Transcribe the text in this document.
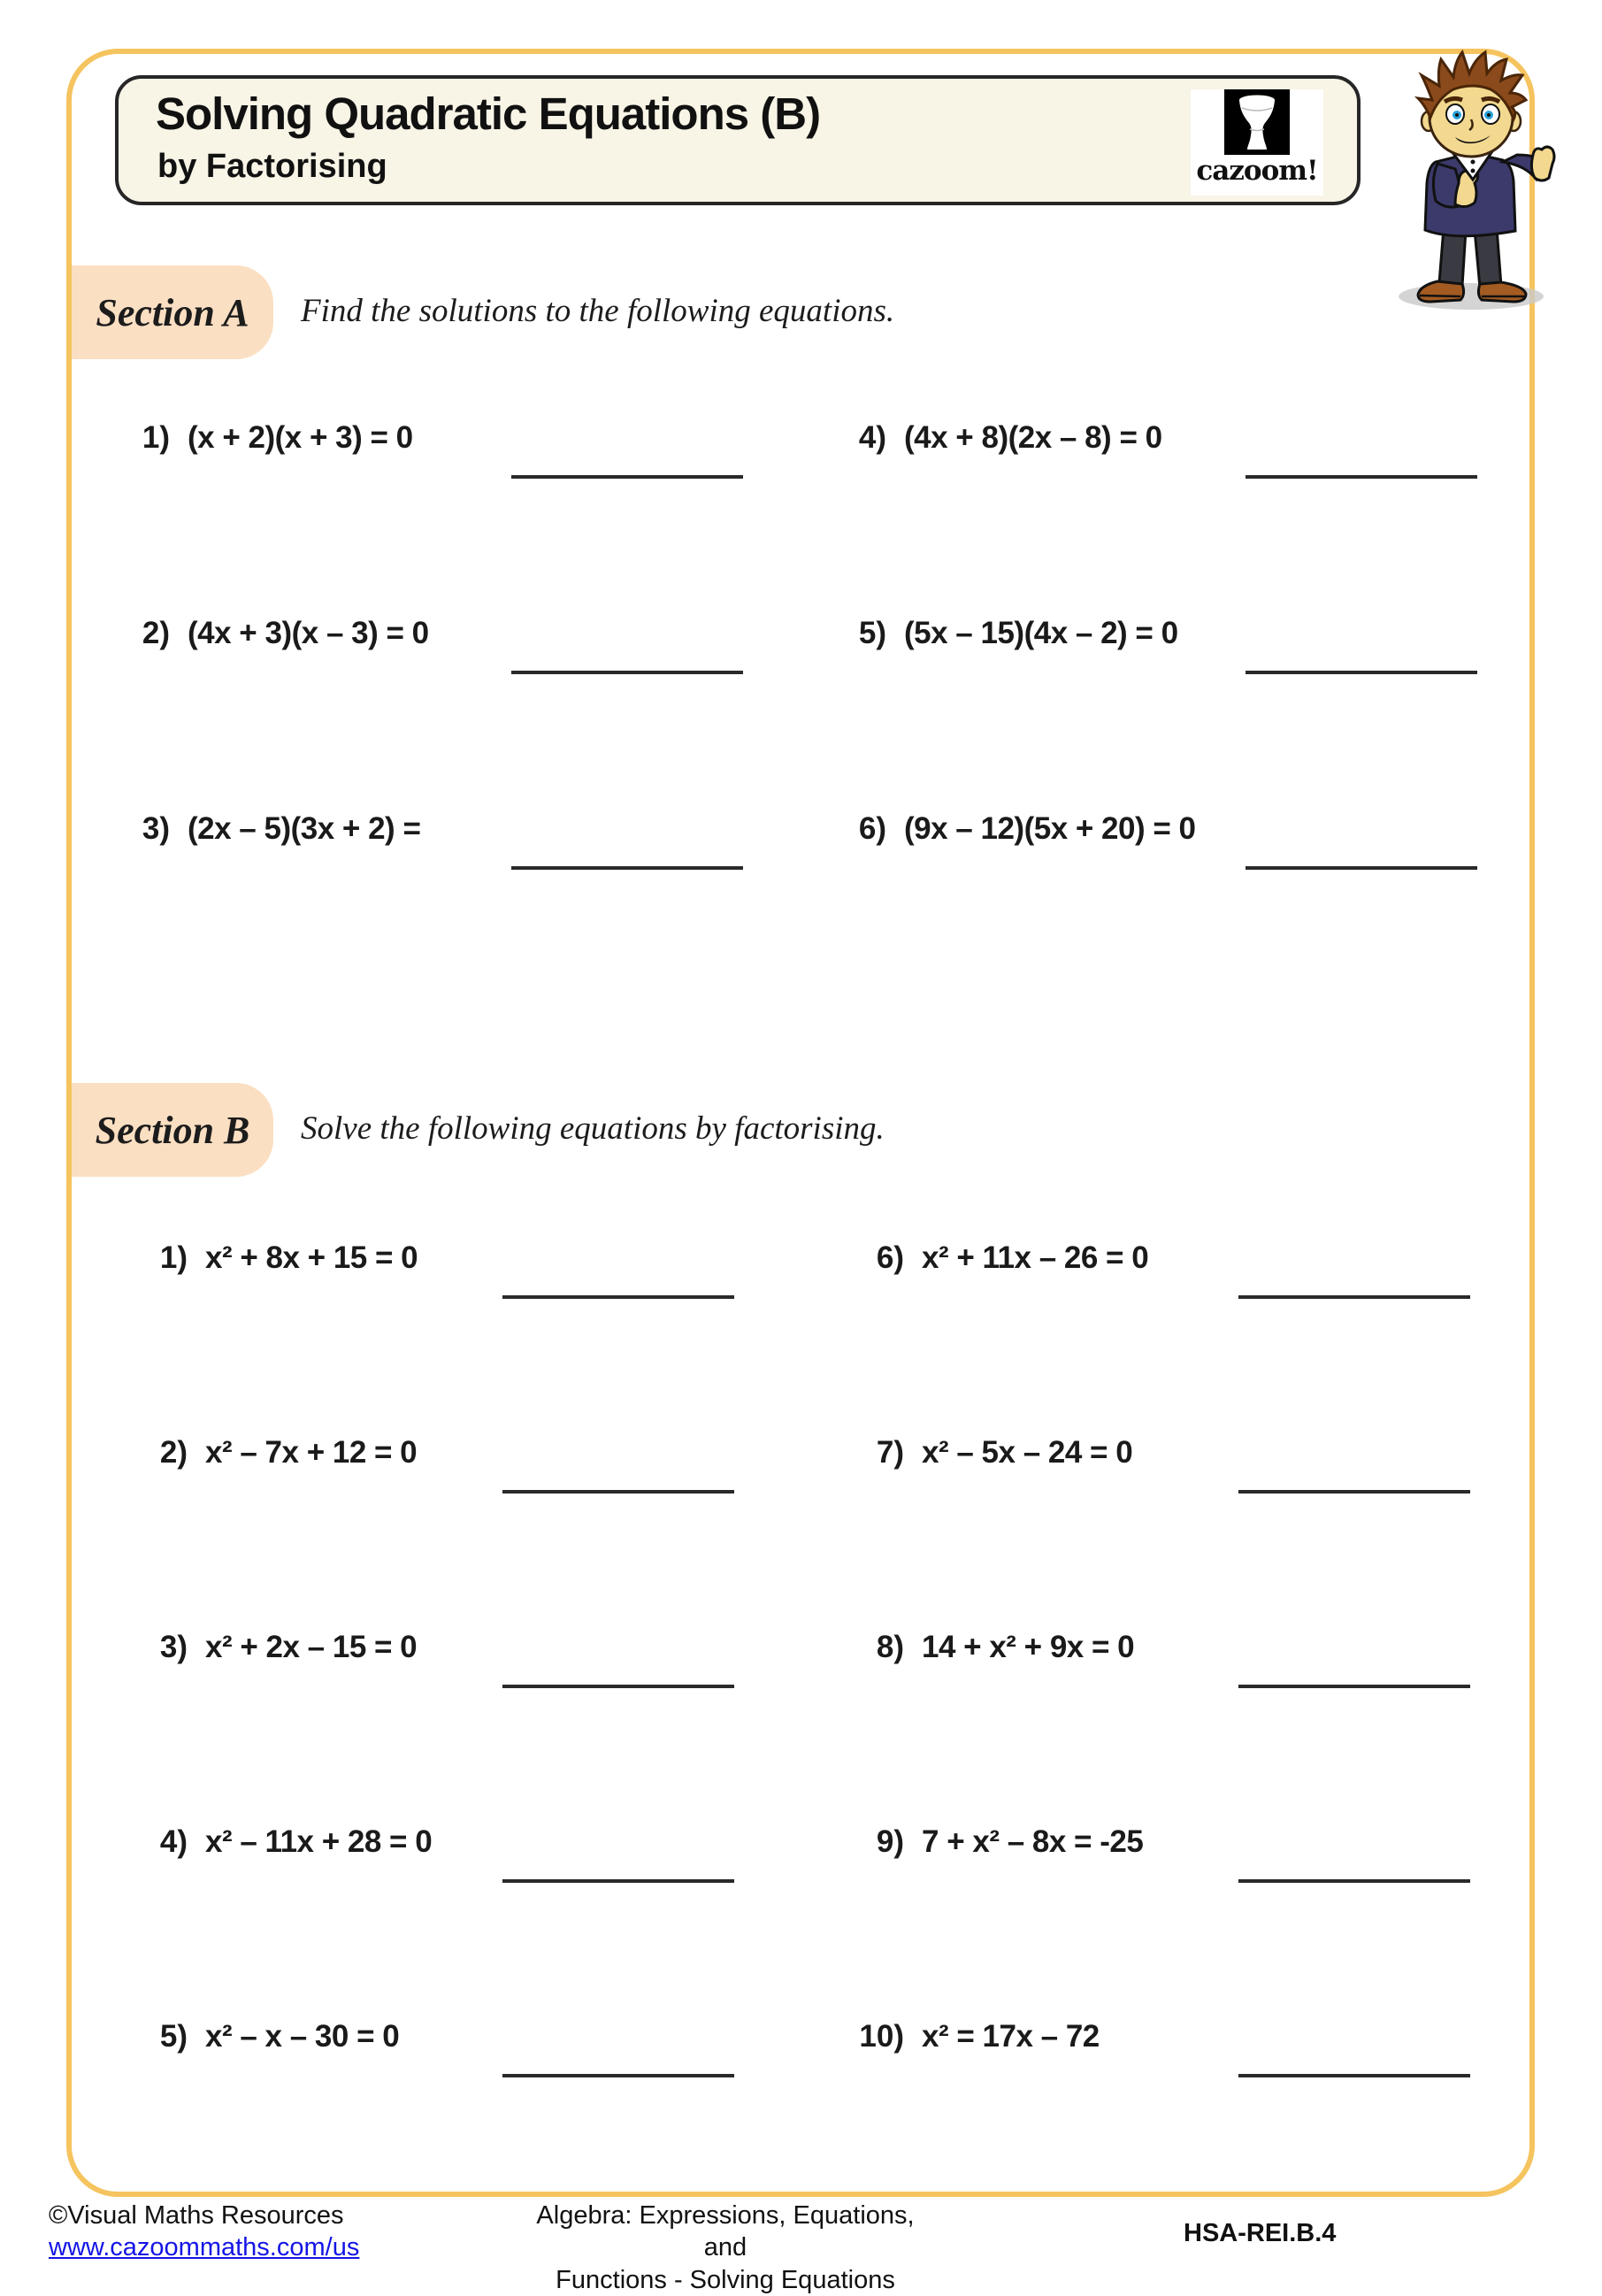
Solving Quadratic Equations (B)
by Factorising	cazoom!
Section A	Find the solutions to the following equations.
1) (x + 2)(x + 3) = 0	4) (4x + 8)(2x – 8) = 0
2) (4x + 3)(x – 3) = 0	5) (5x – 15)(4x – 2) = 0
3) (2x – 5)(3x + 2) =	6) (9x – 12)(5x + 20) = 0
Section B	Solve the following equations by factorising.
1) x² + 8x + 15 = 0	6) x² + 11x – 26 = 0
2) x² – 7x + 12 = 0	7) x² – 5x – 24 = 0
3) x² + 2x – 15 = 0	8) 14 + x² + 9x = 0
4) x² – 11x + 28 = 0	9) 7 + x² – 8x = -25
5) x² – x – 30 = 0	10) x² = 17x – 72
©Visual Maths Resources
www.cazoommaths.com/us
Algebra: Expressions, Equations, and
Functions - Solving Equations
HSA-REI.B.4
